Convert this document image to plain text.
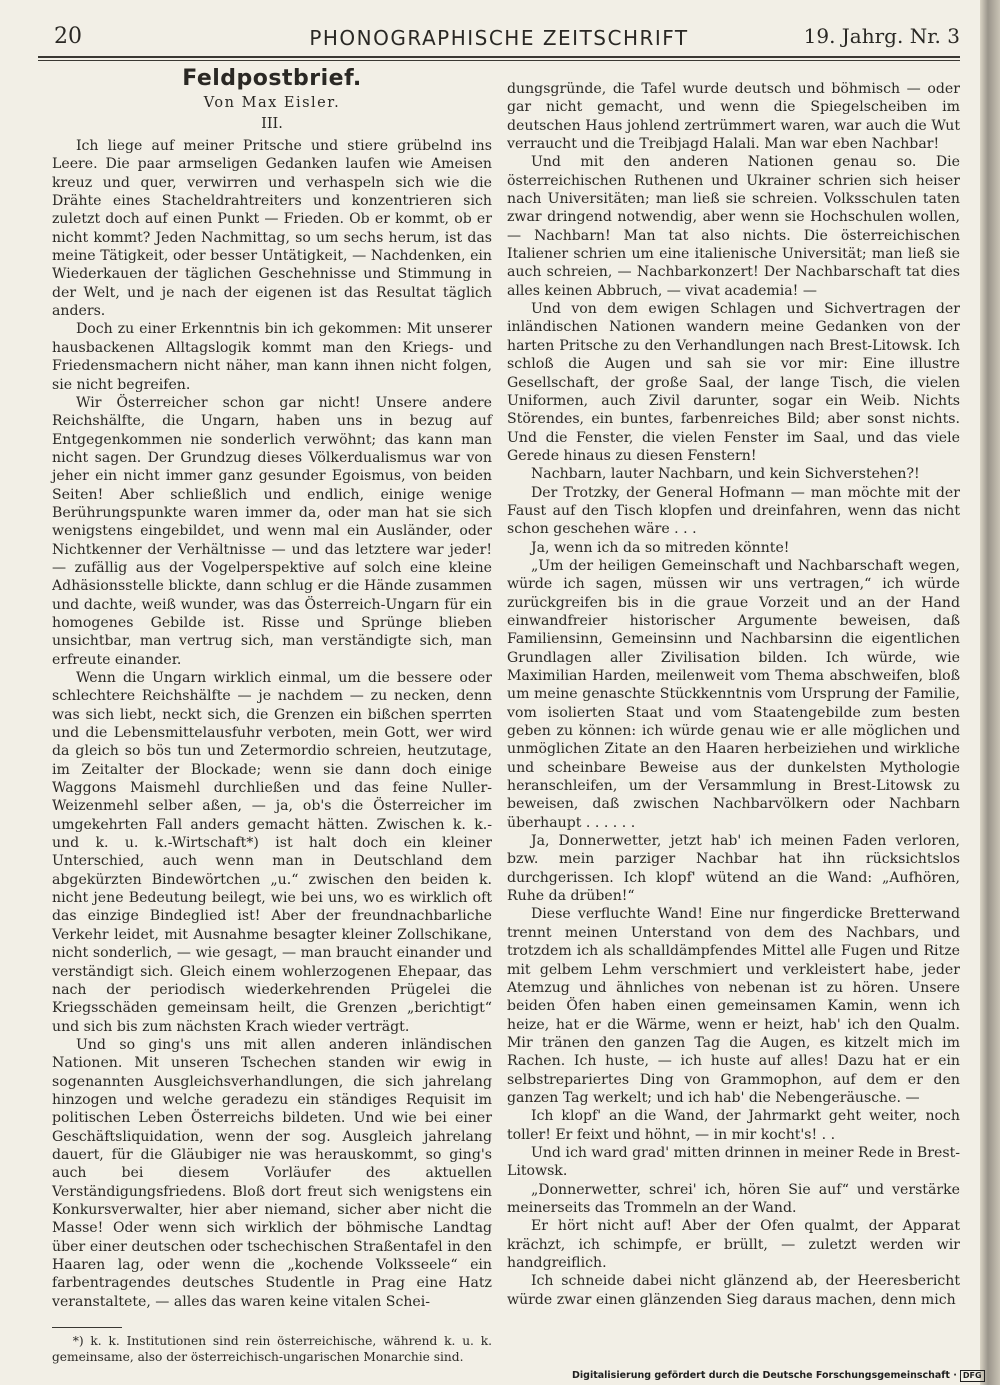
20	PHONOGRAPHISCHE ZEITSCHRIFT	19. Jahrg. Nr. 3
Feldpostbrief.
Von Max Eisler.
III.

Ich liege auf meiner Pritsche und stiere grübelnd ins Leere. Die paar armseligen Gedanken laufen wie Ameisen kreuz und quer, verwirren und verhaspeln sich wie die Drähte eines Stacheldrahtreiters und konzentrieren sich zuletzt doch auf einen Punkt — Frieden. Ob er kommt, ob er nicht kommt? Jeden Nachmittag, so um sechs herum, ist das meine Tätigkeit, oder besser Untätigkeit, — Nachdenken, ein Wiederkauen der täglichen Geschehnisse und Stimmung in der Welt, und je nach der eigenen ist das Resultat täglich anders.

Doch zu einer Erkenntnis bin ich gekommen: Mit unserer hausbackenen Alltagslogik kommt man den Kriegs- und Friedensmachern nicht näher, man kann ihnen nicht folgen, sie nicht begreifen.

Wir Österreicher schon gar nicht! Unsere andere Reichshälfte, die Ungarn, haben uns in bezug auf Entgegenkommen nie sonderlich verwöhnt; das kann man nicht sagen. Der Grundzug dieses Völkerdualismus war von jeher ein nicht immer ganz gesunder Egoismus, von beiden Seiten! Aber schließlich und endlich, einige wenige Berührungspunkte waren immer da, oder man hat sie sich wenigstens eingebildet, und wenn mal ein Ausländer, oder Nichtkenner der Verhältnisse — und das letztere war jeder! — zufällig aus der Vogelperspektive auf solch eine kleine Adhäsionsstelle blickte, dann schlug er die Hände zusammen und dachte, weiß wunder, was das Österreich-Ungarn für ein homogenes Gebilde ist. Risse und Sprünge blieben unsichtbar, man vertrug sich, man verständigte sich, man erfreute einander.

Wenn die Ungarn wirklich einmal, um die bessere oder schlechtere Reichshälfte — je nachdem — zu necken, denn was sich liebt, neckt sich, die Grenzen ein bißchen sperrten und die Lebensmittelausfuhr verboten, mein Gott, wer wird da gleich so bös tun und Zetermordio schreien, heutzutage, im Zeitalter der Blockade; wenn sie dann doch einige Waggons Maismehl durchließen und das feine Nuller-Weizenmehl selber aßen, — ja, ob's die Österreicher im umgekehrten Fall anders gemacht hätten. Zwischen k. k.- und k. u. k.-Wirtschaft*) ist halt doch ein kleiner Unterschied, auch wenn man in Deutschland dem abgekürzten Bindewörtchen „u.“ zwischen den beiden k. nicht jene Bedeutung beilegt, wie bei uns, wo es wirklich oft das einzige Bindeglied ist! Aber der freundnachbarliche Verkehr leidet, mit Ausnahme besagter kleiner Zollschikane, nicht sonderlich, — wie gesagt, — man braucht einander und verständigt sich. Gleich einem wohlerzogenen Ehepaar, das nach der periodisch wiederkehrenden Prügelei die Kriegsschäden gemeinsam heilt, die Grenzen „berichtigt“ und sich bis zum nächsten Krach wieder verträgt.

Und so ging's uns mit allen anderen inländischen Nationen. Mit unseren Tschechen standen wir ewig in sogenannten Ausgleichsverhandlungen, die sich jahrelang hinzogen und welche geradezu ein ständiges Requisit im politischen Leben Österreichs bildeten. Und wie bei einer Geschäftsliquidation, wenn der sog. Ausgleich jahrelang dauert, für die Gläubiger nie was herauskommt, so ging's auch bei diesem Vorläufer des aktuellen Verständigungsfriedens. Bloß dort freut sich wenigstens ein Konkursverwalter, hier aber niemand, sicher aber nicht die Masse! Oder wenn sich wirklich der böhmische Landtag über einer deutschen oder tschechischen Straßentafel in den Haaren lag, oder wenn die „kochende Volksseele“ ein farbentragendes deutsches Studentle in Prag eine Hatz veranstaltete, — alles das waren keine vitalen Schei-

*) k. k. Institutionen sind rein österreichische, während k. u. k. gemeinsame, also der österreichisch-ungarischen Monarchie sind.

dungsgründe, die Tafel wurde deutsch und böhmisch — oder gar nicht gemacht, und wenn die Spiegelscheiben im deutschen Haus johlend zertrümmert waren, war auch die Wut verraucht und die Treibjagd Halali. Man war eben Nachbar!

Und mit den anderen Nationen genau so. Die österreichischen Ruthenen und Ukrainer schrien sich heiser nach Universitäten; man ließ sie schreien. Volksschulen taten zwar dringend notwendig, aber wenn sie Hochschulen wollen, — Nachbarn! Man tat also nichts. Die österreichischen Italiener schrien um eine italienische Universität; man ließ sie auch schreien, — Nachbarkonzert! Der Nachbarschaft tat dies alles keinen Abbruch, — vivat academia! —

Und von dem ewigen Schlagen und Sichvertragen der inländischen Nationen wandern meine Gedanken von der harten Pritsche zu den Verhandlungen nach Brest-Litowsk. Ich schloß die Augen und sah sie vor mir: Eine illustre Gesellschaft, der große Saal, der lange Tisch, die vielen Uniformen, auch Zivil darunter, sogar ein Weib. Nichts Störendes, ein buntes, farbenreiches Bild; aber sonst nichts. Und die Fenster, die vielen Fenster im Saal, und das viele Gerede hinaus zu diesen Fenstern!

Nachbarn, lauter Nachbarn, und kein Sichverstehen?!

Der Trotzky, der General Hofmann — man möchte mit der Faust auf den Tisch klopfen und dreinfahren, wenn das nicht schon geschehen wäre . . .

Ja, wenn ich da so mitreden könnte!

„Um der heiligen Gemeinschaft und Nachbarschaft wegen, würde ich sagen, müssen wir uns vertragen,“ ich würde zurückgreifen bis in die graue Vorzeit und an der Hand einwandfreier historischer Argumente beweisen, daß Familiensinn, Gemeinsinn und Nachbarsinn die eigentlichen Grundlagen aller Zivilisation bilden. Ich würde, wie Maximilian Harden, meilenweit vom Thema abschweifen, bloß um meine genaschte Stückkenntnis vom Ursprung der Familie, vom isolierten Staat und vom Staatengebilde zum besten geben zu können: ich würde genau wie er alle möglichen und unmöglichen Zitate an den Haaren herbeiziehen und wirkliche und scheinbare Beweise aus der dunkelsten Mythologie heranschleifen, um der Versammlung in Brest-Litowsk zu beweisen, daß zwischen Nachbarvölkern oder Nachbarn überhaupt . . . . . .

Ja, Donnerwetter, jetzt hab' ich meinen Faden verloren, bzw. mein parziger Nachbar hat ihn rücksichtslos durchgerissen. Ich klopf' wütend an die Wand: „Aufhören, Ruhe da drüben!“

Diese verfluchte Wand! Eine nur fingerdicke Bretterwand trennt meinen Unterstand von dem des Nachbars, und trotzdem ich als schalldämpfendes Mittel alle Fugen und Ritze mit gelbem Lehm verschmiert und verkleistert habe, jeder Atemzug und ähnliches von nebenan ist zu hören. Unsere beiden Öfen haben einen gemeinsamen Kamin, wenn ich heize, hat er die Wärme, wenn er heizt, hab' ich den Qualm. Mir tränen den ganzen Tag die Augen, es kitzelt mich im Rachen. Ich huste, — ich huste auf alles! Dazu hat er ein selbstrepariertes Ding von Grammophon, auf dem er den ganzen Tag werkelt; und ich hab' die Nebengeräusche. —

Ich klopf' an die Wand, der Jahrmarkt geht weiter, noch toller! Er feixt und höhnt, — in mir kocht's! . .

Und ich ward grad' mitten drinnen in meiner Rede in Brest-Litowsk.

„Donnerwetter, schrei' ich, hören Sie auf“ und verstärke meinerseits das Trommeln an der Wand.

Er hört nicht auf! Aber der Ofen qualmt, der Apparat krächzt, ich schimpfe, er brüllt, — zuletzt werden wir handgreiflich.

Ich schneide dabei nicht glänzend ab, der Heeresbericht würde zwar einen glänzenden Sieg daraus machen, denn mich

Digitalisierung gefördert durch die Deutsche Forschungsgemeinschaft · DFG
